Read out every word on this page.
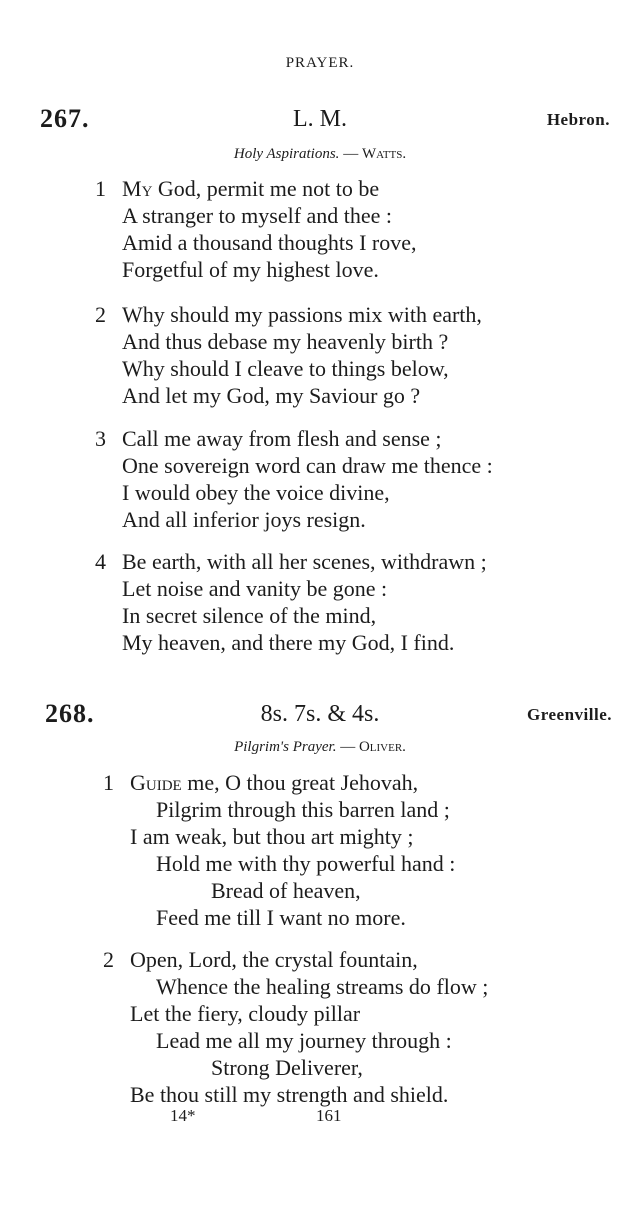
PRAYER.
267.	L. M.	Hebron.
Holy Aspirations. — Watts.
1 My God, permit me not to be
A stranger to myself and thee :
Amid a thousand thoughts I rove,
Forgetful of my highest love.
2 Why should my passions mix with earth,
And thus debase my heavenly birth ?
Why should I cleave to things below,
And let my God, my Saviour go ?
3 Call me away from flesh and sense ;
One sovereign word can draw me thence :
I would obey the voice divine,
And all inferior joys resign.
4 Be earth, with all her scenes, withdrawn ;
Let noise and vanity be gone :
In secret silence of the mind,
My heaven, and there my God, I find.
268.	8s. 7s. & 4s.	Greenville.
Pilgrim's Prayer. — Oliver.
1 Guide me, O thou great Jehovah,
Pilgrim through this barren land ;
I am weak, but thou art mighty ;
Hold me with thy powerful hand :
Bread of heaven,
Feed me till I want no more.
2 Open, Lord, the crystal fountain,
Whence the healing streams do flow ;
Let the fiery, cloudy pillar
Lead me all my journey through :
Strong Deliverer,
Be thou still my strength and shield.
14*	161
